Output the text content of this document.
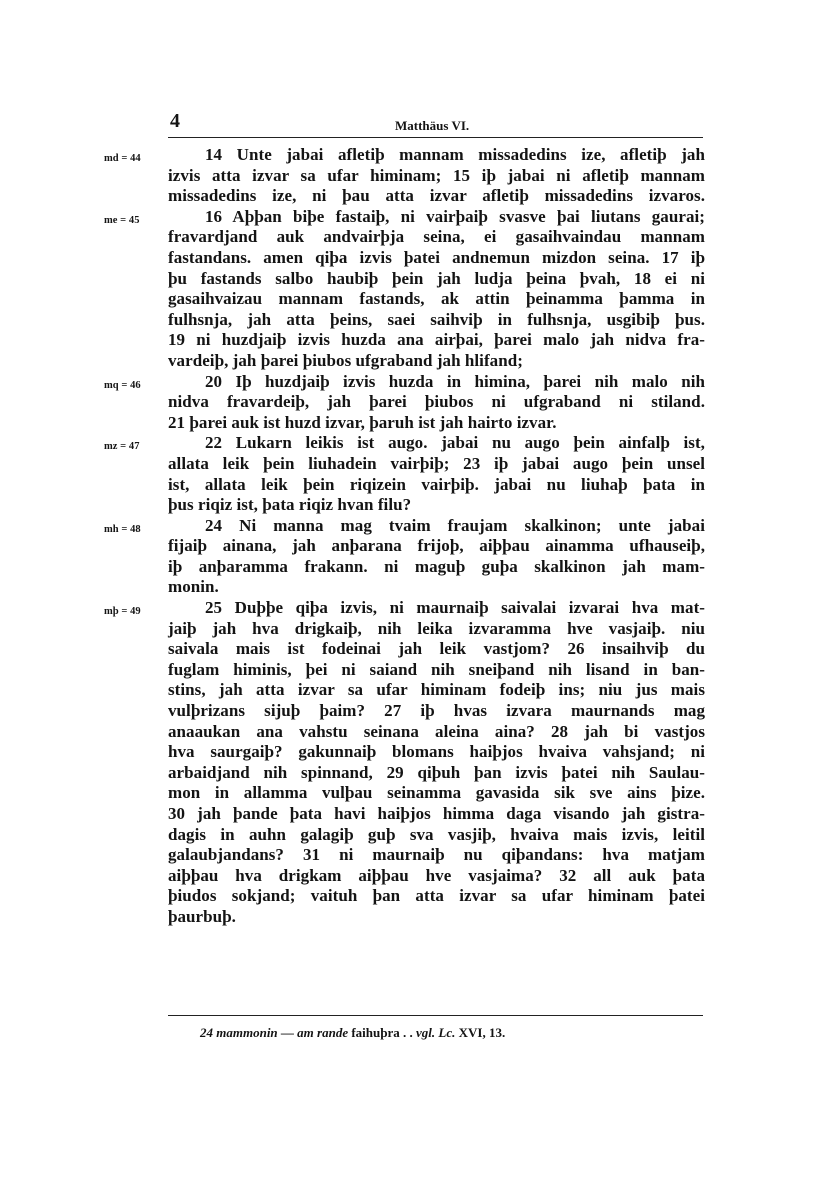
4	Matthäus VI.
md = 44	14 Unte jabai afletiþ mannam missadedins ize, afletiþ jah
izvis atta izvar sa ufar himinam; 15 iþ jabai ni afletiþ mannam
missadedins ize, ni þau atta izvar afletiþ missadedins izvaros.
me = 45	16 Aþþan biþe fastaiþ, ni vairþaiþ svasve þai liutans gaurai;
fravardjand auk andvairþja seina, ei gasaihvaindau mannam
fastandans. amen qiþa izvis þatei andnemun mizdon seina. 17 iþ
þu fastands salbo haubiþ þein jah ludja þeina þvah, 18 ei ni
gasaihvaizau mannam fastands, ak attin þeinamma þamma in
fulhsnja, jah atta þeins, saei saihviþ in fulhsnja, usgibiþ þus.
19 ni huzdjaiþ izvis huzda ana airþai, þarei malo jah nidva fra-
vardeiþ, jah þarei þiubos ufgraband jah hlifand;
mq = 46	20 Iþ huzdjaiþ izvis huzda in himina, þarei nih malo nih
nidva fravardeiþ, jah þarei þiubos ni ufgraband ni stiland.
21 þarei auk ist huzd izvar, þaruh ist jah hairto izvar.
mz = 47	22 Lukarn leikis ist augo. jabai nu augo þein ainfalþ ist,
allata leik þein liuhadein vairþiþ; 23 iþ jabai augo þein unsel
ist, allata leik þein riqizein vairþiþ. jabai nu liuhaþ þata in
þus riqiz ist, þata riqiz hvan filu?
mh = 48	24 Ni manna mag tvaim fraujam skalkinon; unte jabai
fijaiþ ainana, jah anþarana frijoþ, aiþþau ainamma ufhauseiþ,
iþ anþaramma frakann. ni maguþ guþa skalkinon jah mam-
monin.
mþ = 49	25 Duþþe qiþa izvis, ni maurnaiþ saivalai izvarai hva mat-
jaiþ jah hva drigkaiþ, nih leika izvaramma hve vasjaiþ. niu
saivala mais ist fodeinai jah leik vastjom? 26 insaihviþ du
fuglam himinis, þei ni saiand nih sneiþand nih lisand in ban-
stins, jah atta izvar sa ufar himinam fodeiþ ins; niu jus mais
vulþrizans sijuþ þaim? 27 iþ hvas izvara maurnands mag
anaaukan ana vahstu seinana aleina aina? 28 jah bi vastjos
hva saurgaiþ? gakunnaiþ blomans haiþjos hvaiva vahsjand; ni
arbaidjand nih spinnand, 29 qiþuh þan izvis þatei nih Saulau-
mon in allamma vulþau seinamma gavasida sik sve ains þize.
30 jah þande þata havi haiþjos himma daga visando jah gistra-
dagis in auhn galagiþ guþ sva vasjiþ, hvaiva mais izvis, leitil
galaubjandans? 31 ni maurnaiþ nu qiþandans: hva matjam
aiþþau hva drigkam aiþþau hve vasjaima? 32 all auk þata
þiudos sokjand; vaituh þan atta izvar sa ufar himinam þatei
þaurbuþ.
24 mammonin — am rande faihuþra . . vgl. Lc. XVI, 13.
